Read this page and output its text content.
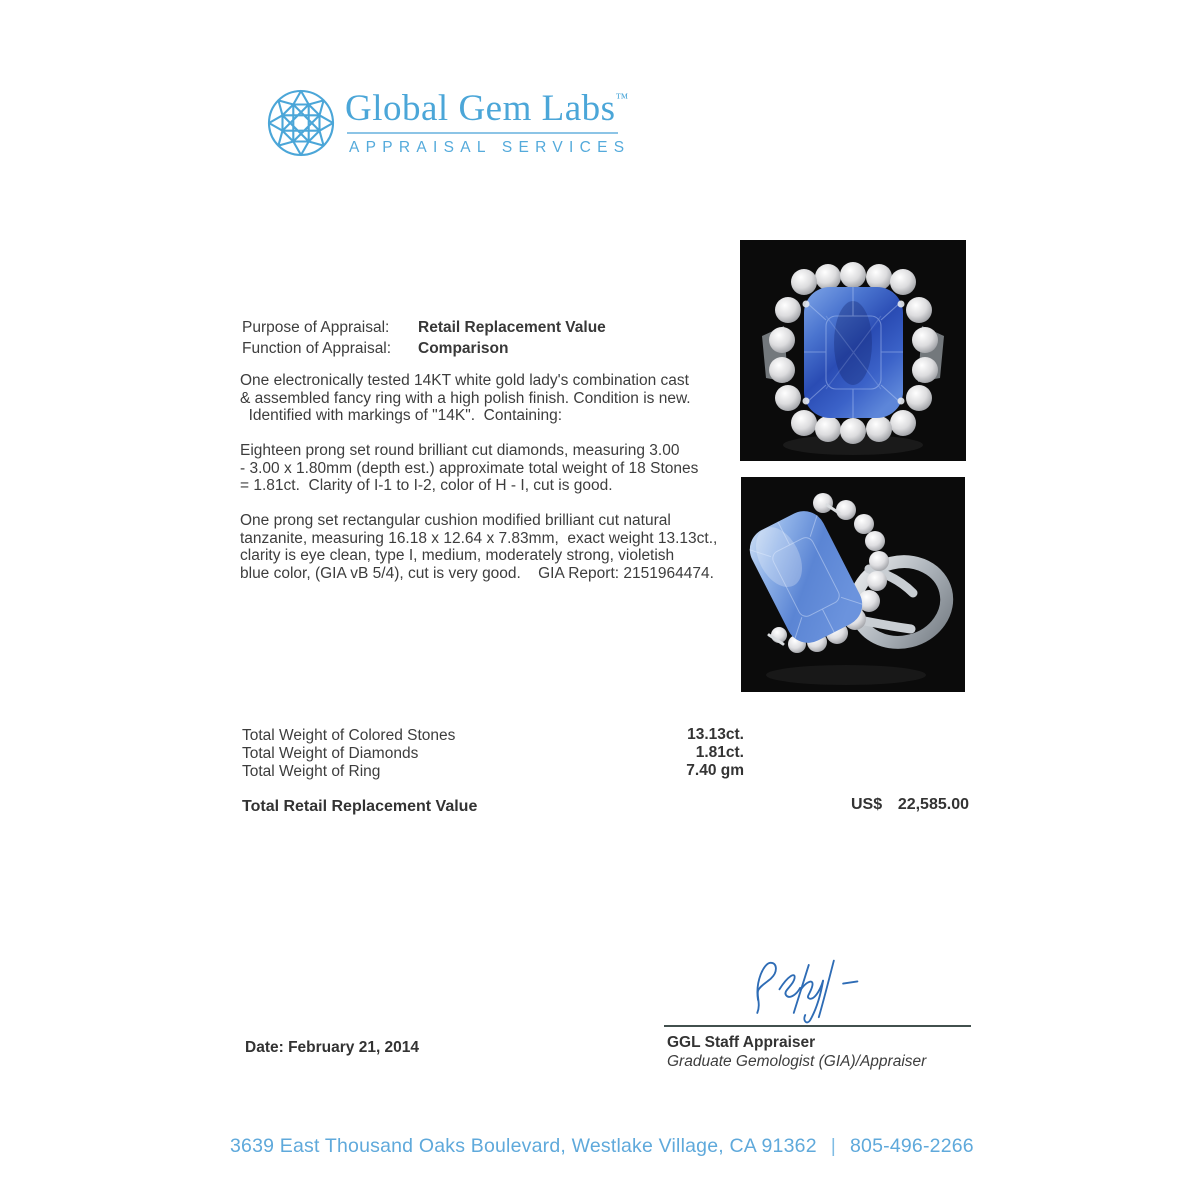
Global Gem Labs™
APPRAISAL SERVICES
Purpose of Appraisal:	Retail Replacement Value
Function of Appraisal:	Comparison
One electronically tested 14KT white gold lady's combination cast
& assembled fancy ring with a high polish finish. Condition is new.
Identified with markings of "14K".  Containing:
Eighteen prong set round brilliant cut diamonds, measuring 3.00
- 3.00 x 1.80mm (depth est.) approximate total weight of 18 Stones
= 1.81ct.  Clarity of I-1 to I-2, color of H - I, cut is good.
One prong set rectangular cushion modified brilliant cut natural
tanzanite, measuring 16.18 x 12.64 x 7.83mm,  exact weight 13.13ct.,
clarity is eye clean, type I, medium, moderately strong, violetish
blue color, (GIA vB 5/4), cut is very good.    GIA Report: 2151964474.
Total Weight of Colored Stones	13.13ct.
Total Weight of Diamonds	1.81ct.
Total Weight of Ring	7.40 gm
Total Retail Replacement Value	US$ 22,585.00
GGL Staff Appraiser
Graduate Gemologist (GIA)/Appraiser
Date: February 21, 2014
3639 East Thousand Oaks Boulevard, Westlake Village, CA 91362 | 805-496-2266
